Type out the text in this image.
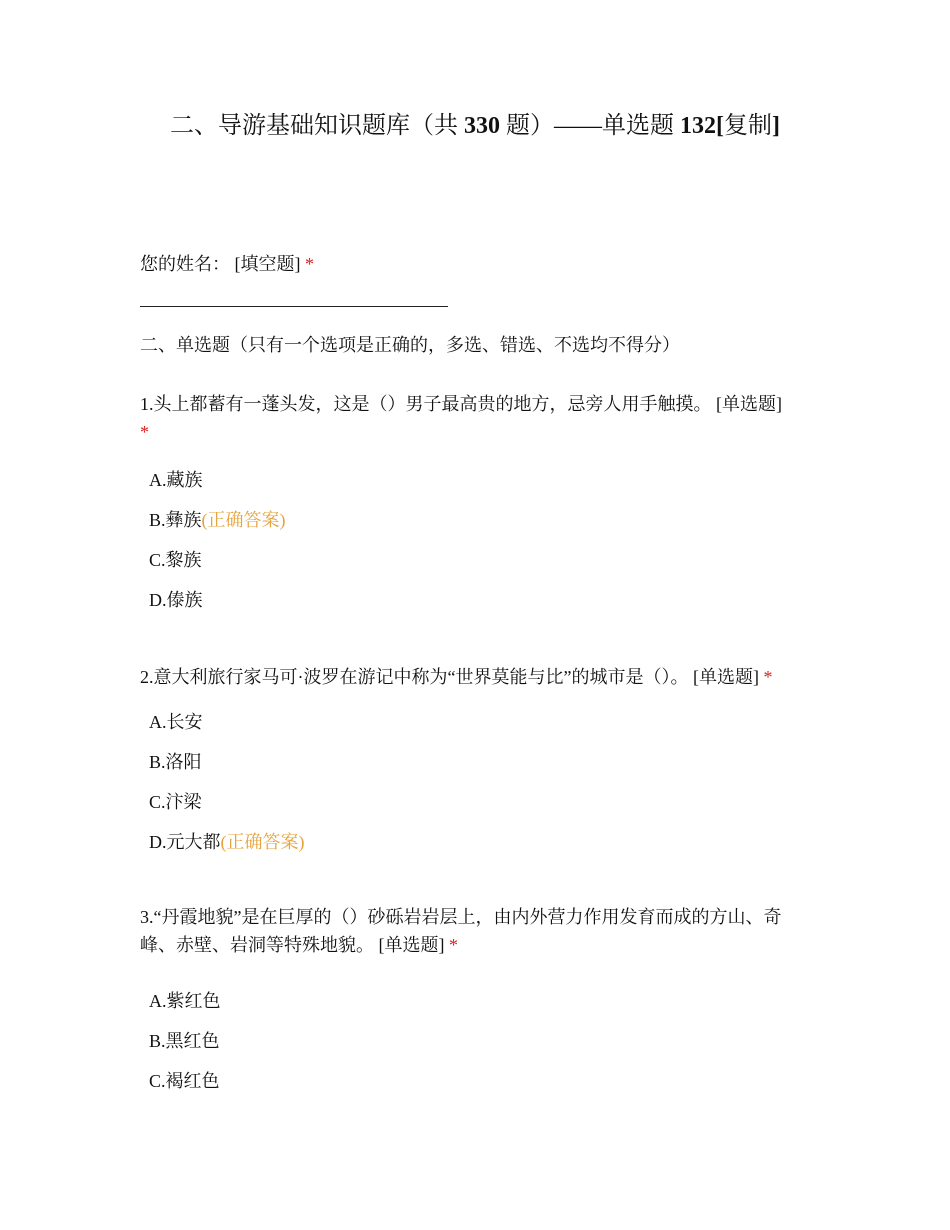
二、导游基础知识题库（共 330 题）——单选题 132[复制]
您的姓名： [填空题] *
二、单选题（只有一个选项是正确的，多选、错选、不选均不得分）
1.头上都蓄有一蓬头发，这是（）男子最高贵的地方，忌旁人用手触摸。 [单选题]
*
A.藏族
B.彝族(正确答案)
C.黎族
D.傣族
2.意大利旅行家马可·波罗在游记中称为“世界莫能与比”的城市是（）。 [单选题] *
A.长安
B.洛阳
C.汴梁
D.元大都(正确答案)
3.“丹霞地貌”是在巨厚的（）砂砾岩岩层上，由内外营力作用发育而成的方山、奇
峰、赤壁、岩洞等特殊地貌。 [单选题] *
A.紫红色
B.黑红色
C.褐红色
